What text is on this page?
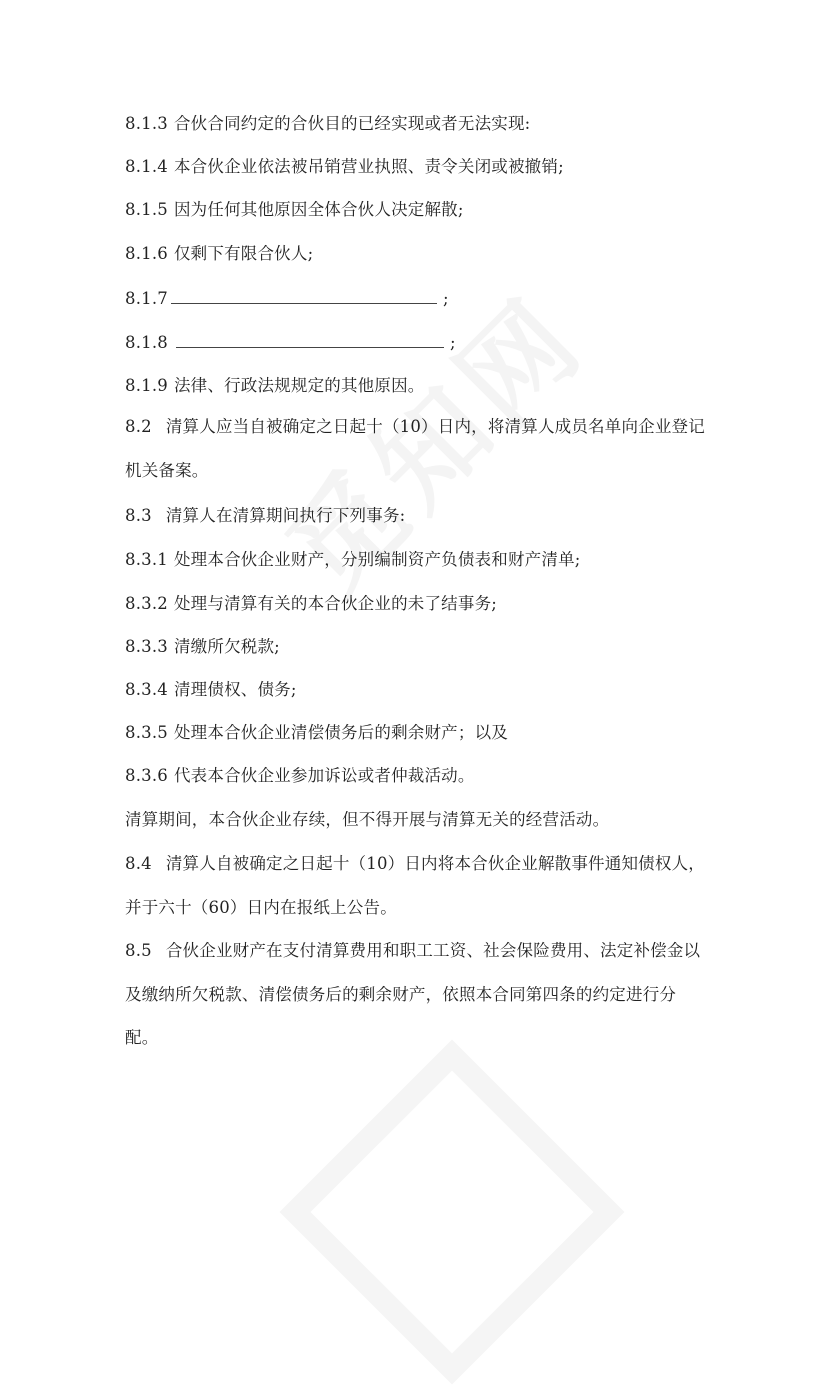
8.1.3 合伙合同约定的合伙目的已经实现或者无法实现:
8.1.4 本合伙企业依法被吊销营业执照、责令关闭或被撤销;
8.1.5 因为任何其他原因全体合伙人决定解散;
8.1.6 仅剩下有限合伙人;
8.1.7	;
8.1.8	;
8.1.9 法律、行政法规规定的其他原因。
8.2 清算人应当自被确定之日起十（10）日内，将清算人成员名单向企业登记
机关备案。
8.3 清算人在清算期间执行下列事务:
8.3.1 处理本合伙企业财产，分别编制资产负债表和财产清单;
8.3.2 处理与清算有关的本合伙企业的未了结事务;
8.3.3 清缴所欠税款;
8.3.4 清理债权、债务;
8.3.5 处理本合伙企业清偿债务后的剩余财产；以及
8.3.6 代表本合伙企业参加诉讼或者仲裁活动。
清算期间，本合伙企业存续，但不得开展与清算无关的经营活动。
8.4 清算人自被确定之日起十（10）日内将本合伙企业解散事件通知债权人，
并于六十（60）日内在报纸上公告。
8.5 合伙企业财产在支付清算费用和职工工资、社会保险费用、法定补偿金以
及缴纳所欠税款、清偿债务后的剩余财产，依照本合同第四条的约定进行分
配。
